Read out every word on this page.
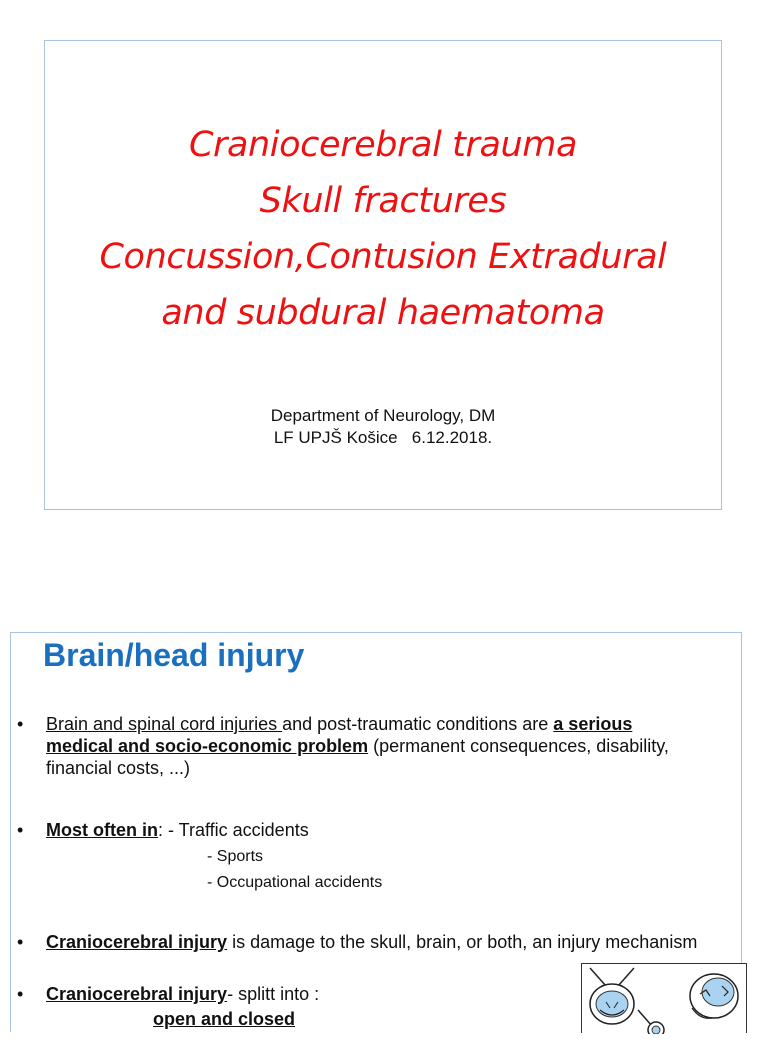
Craniocerebral trauma
Skull fractures
Concussion,Contusion Extradural
and subdural haematoma
Department of Neurology, DM
LF UPJŠ Košice   6.12.2018.
Brain/head injury
• Brain and spinal cord injuries and post-traumatic conditions are a serious medical and socio-economic problem (permanent consequences, disability, financial costs, ...)
• Most often in: - Traffic accidents
- Sports
- Occupational accidents
• Craniocerebral injury is damage to the skull, brain, or both, an injury mechanism
• Craniocerebral injury- splitt into :
open and closed
